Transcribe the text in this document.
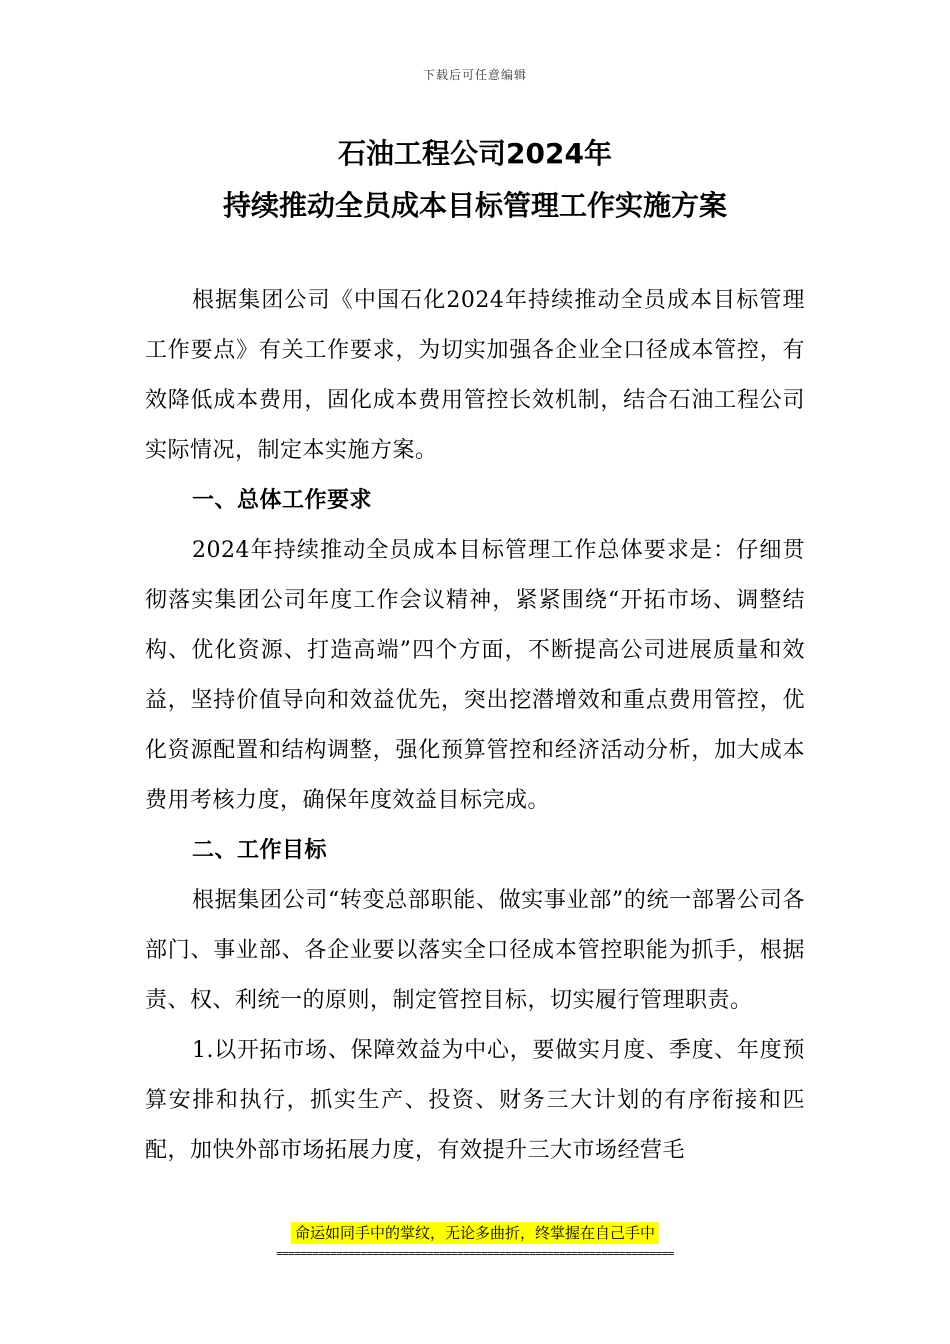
下载后可任意编辑
石油工程公司2024年
持续推动全员成本目标管理工作实施方案

根据集团公司《中国石化2024年持续推动全员成本目标管理工作要点》有关工作要求，为切实加强各企业全口径成本管控，有效降低成本费用，固化成本费用管控长效机制，结合石油工程公司实际情况，制定本实施方案。

一、总体工作要求

2024年持续推动全员成本目标管理工作总体要求是：仔细贯彻落实集团公司年度工作会议精神，紧紧围绕“开拓市场、调整结构、优化资源、打造高端”四个方面，不断提高公司进展质量和效益，坚持价值导向和效益优先，突出挖潜增效和重点费用管控，优化资源配置和结构调整，强化预算管控和经济活动分析，加大成本费用考核力度，确保年度效益目标完成。

二、工作目标

根据集团公司“转变总部职能、做实事业部”的统一部署公司各部门、事业部、各企业要以落实全口径成本管控职能为抓手，根据责、权、利统一的原则，制定管控目标，切实履行管理职责。

1.以开拓市场、保障效益为中心，要做实月度、季度、年度预算安排和执行，抓实生产、投资、财务三大计划的有序衔接和匹配，加快外部市场拓展力度，有效提升三大市场经营毛

命运如同手中的掌纹，无论多曲折，终掌握在自己手中
==================================================================
